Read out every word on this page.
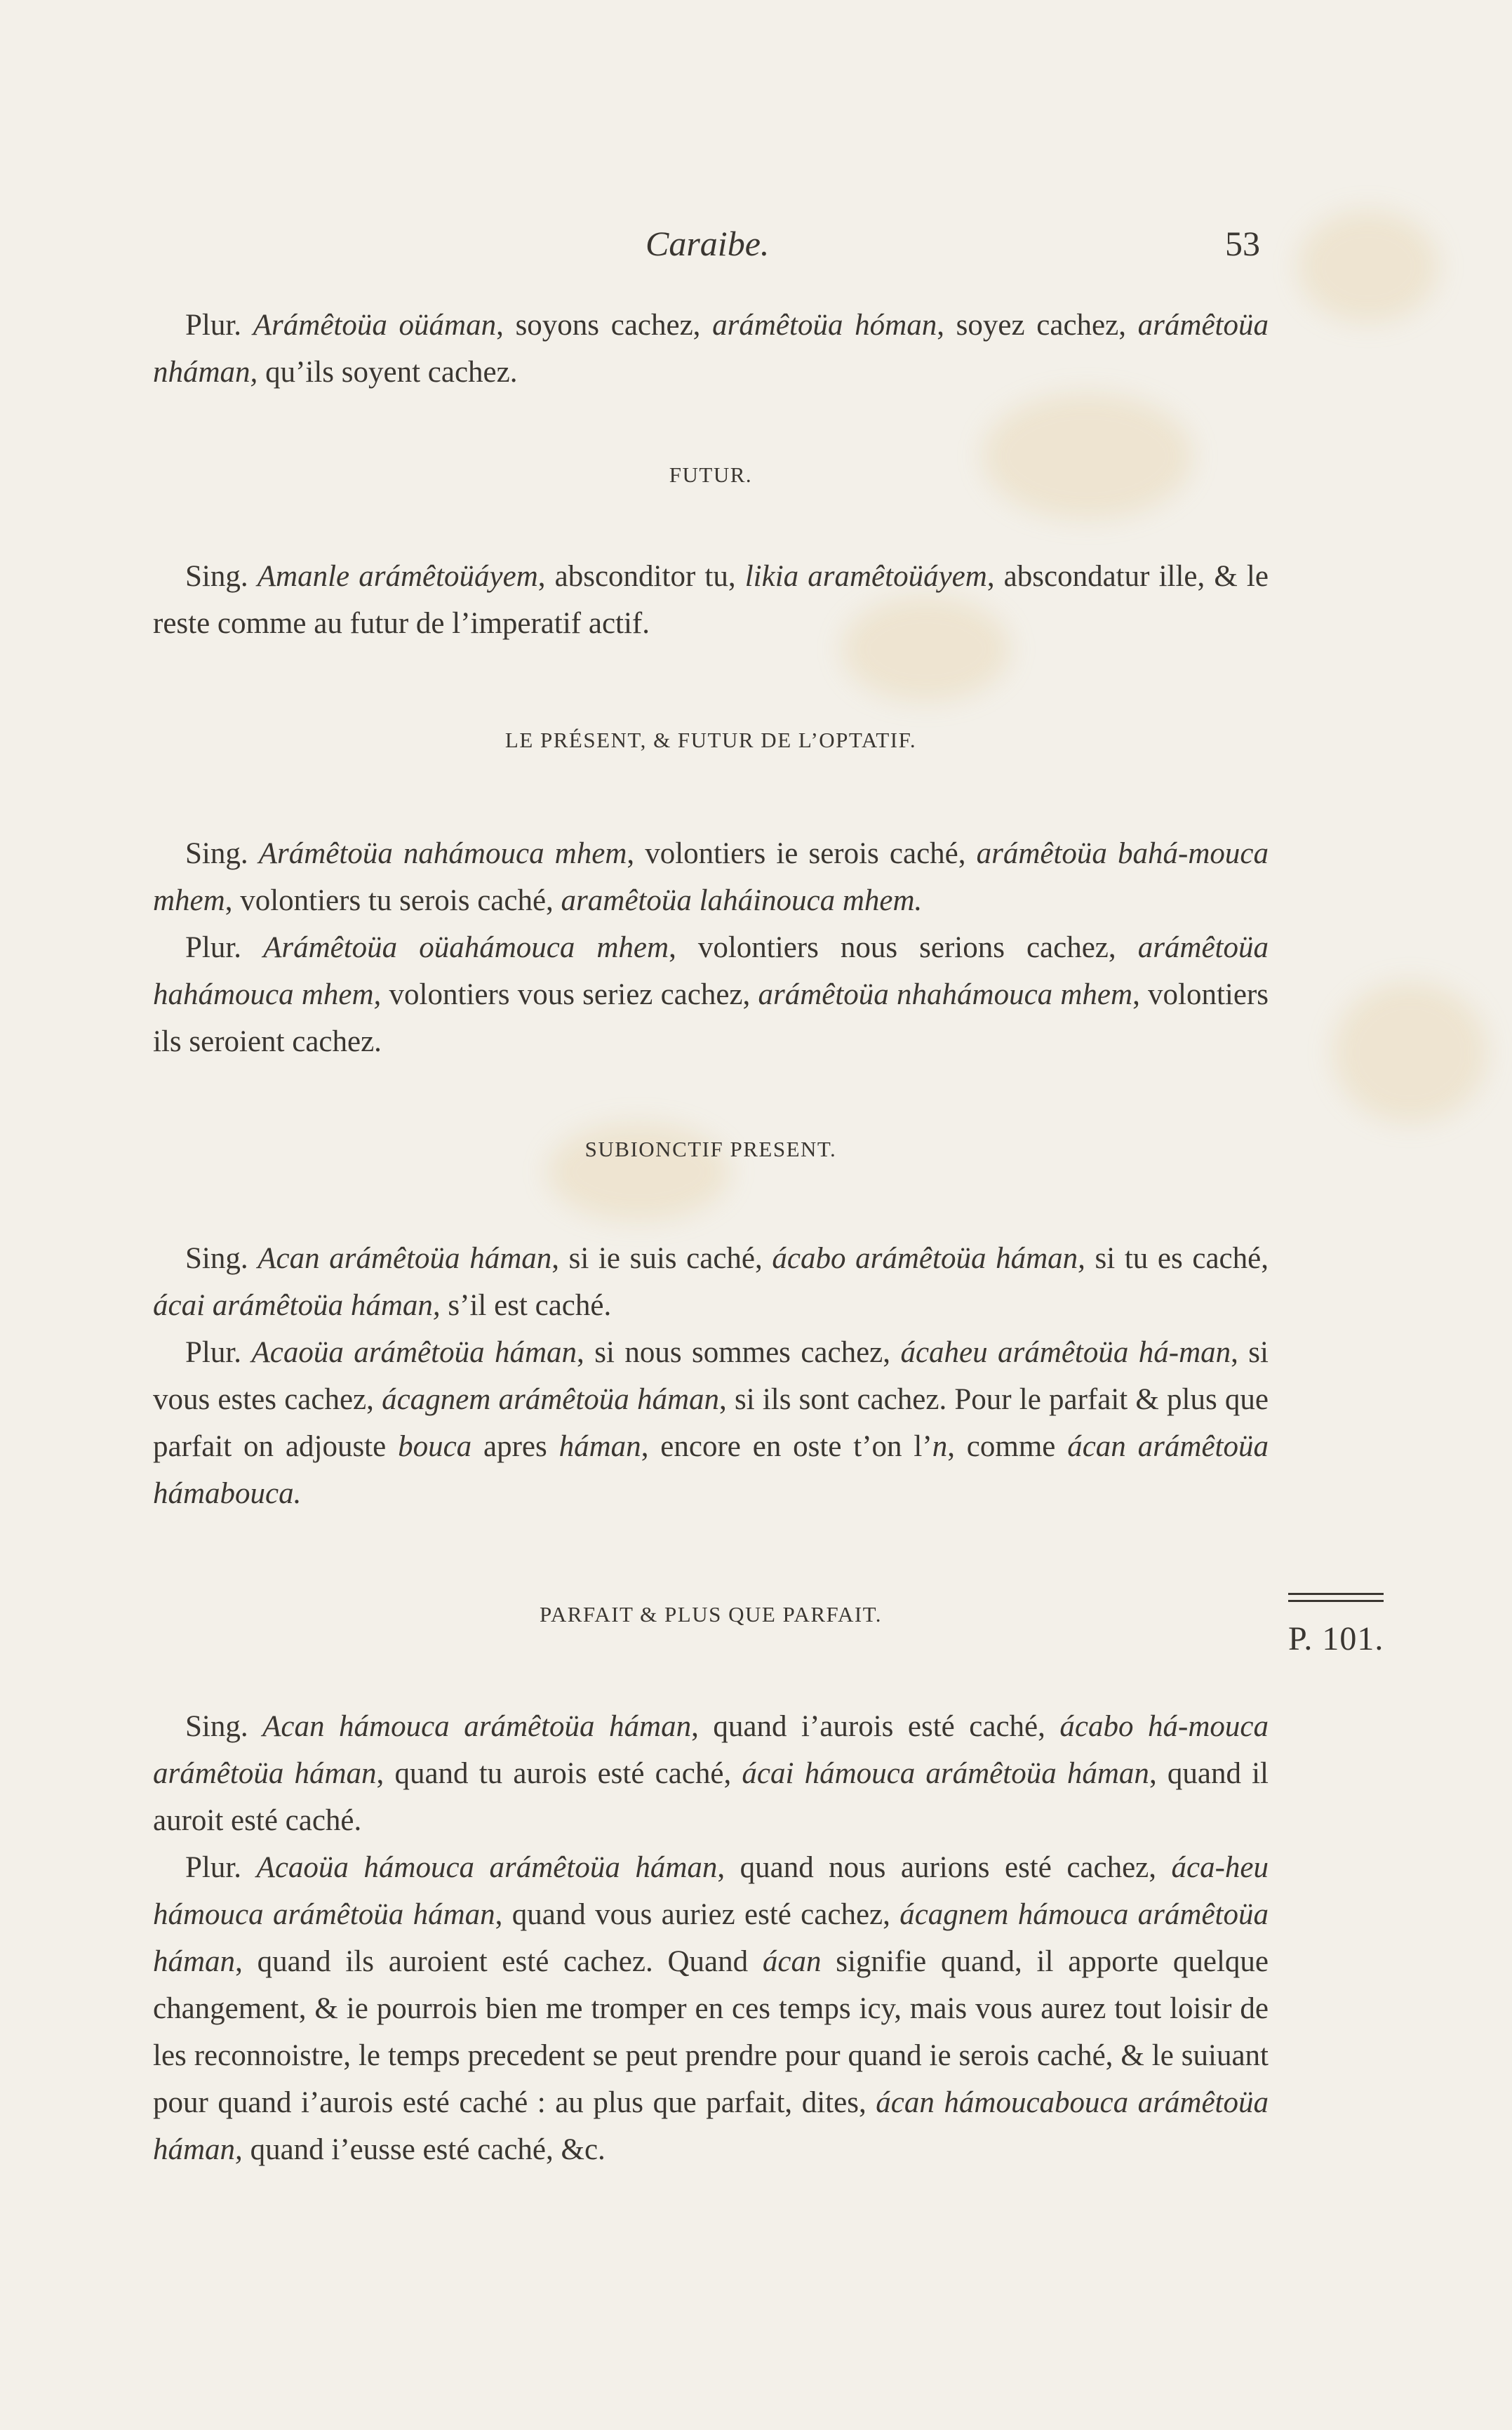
Caraibe.	53

Plur. Arámêtoüa oüáman, soyons cachez, arámêtoüa hóman, soyez cachez, arámêtoüa nháman, qu’ils soyent cachez.

FUTUR.

Sing. Amanle arámêtoüáyem, absconditor tu, likia aramêtoüáyem, abscondatur ille, & le reste comme au futur de l’imperatif actif.

LE PRÉSENT, & FUTUR DE L’OPTATIF.

Sing. Arámêtoüa nahámouca mhem, volontiers ie serois caché, arámêtoüa bahá-mouca mhem, volontiers tu serois caché, aramêtoüa laháinouca mhem.

Plur. Arámêtoüa oüahámouca mhem, volontiers nous serions cachez, arámêtoüa hahámouca mhem, volontiers vous seriez cachez, arámêtoüa nhahámouca mhem, volontiers ils seroient cachez.

SUBIONCTIF PRESENT.

Sing. Acan arámêtoüa háman, si ie suis caché, ácabo arámêtoüa háman, si tu es caché, ácai arámêtoüa háman, s’il est caché.

Plur. Acaoüa arámêtoüa háman, si nous sommes cachez, ácaheu arámêtoüa há-man, si vous estes cachez, ácagnem arámêtoüa háman, si ils sont cachez. Pour le parfait & plus que parfait on adjouste bouca apres háman, encore en oste t’on l’n, comme ácan arámêtoüa hámabouca.

PARFAIT & PLUS QUE PARFAIT.
P. 101.

Sing. Acan hámouca arámêtoüa háman, quand i’aurois esté caché, ácabo há-mouca arámêtoüa háman, quand tu aurois esté caché, ácai hámouca arámêtoüa háman, quand il auroit esté caché.

Plur. Acaoüa hámouca arámêtoüa háman, quand nous aurions esté cachez, áca-heu hámouca arámêtoüa háman, quand vous auriez esté cachez, ácagnem hámouca arámêtoüa háman, quand ils auroient esté cachez. Quand ácan signifie quand, il apporte quelque changement, & ie pourrois bien me tromper en ces temps icy, mais vous aurez tout loisir de les reconnoistre, le temps precedent se peut prendre pour quand ie serois caché, & le suiuant pour quand i’aurois esté caché : au plus que parfait, dites, ácan hámoucabouca arámêtoüa háman, quand i’eusse esté caché, &c.
